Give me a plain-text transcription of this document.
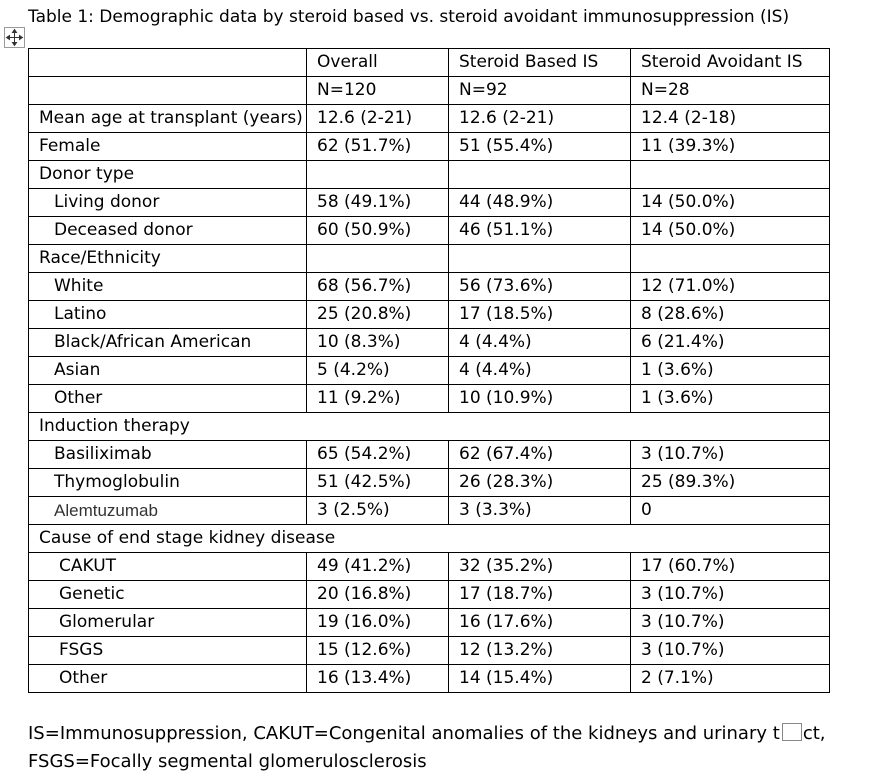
Table 1: Demographic data by steroid based vs. steroid avoidant immunosuppression (IS)
	Overall	Steroid Based IS	Steroid Avoidant IS
	N=120	N=92	N=28
Mean age at transplant (years)	12.6 (2-21)	12.6 (2-21)	12.4 (2-18)
Female	62 (51.7%)	51 (55.4%)	11 (39.3%)
Donor type			
Living donor	58 (49.1%)	44 (48.9%)	14 (50.0%)
Deceased donor	60 (50.9%)	46 (51.1%)	14 (50.0%)
Race/Ethnicity			
White	68 (56.7%)	56 (73.6%)	12 (71.0%)
Latino	25 (20.8%)	17 (18.5%)	8 (28.6%)
Black/African American	10 (8.3%)	4 (4.4%)	6 (21.4%)
Asian	5 (4.2%)	4 (4.4%)	1 (3.6%)
Other	11 (9.2%)	10 (10.9%)	1 (3.6%)
Induction therapy			
Basiliximab	65 (54.2%)	62 (67.4%)	3 (10.7%)
Thymoglobulin	51 (42.5%)	26 (28.3%)	25 (89.3%)
Alemtuzumab	3 (2.5%)	3 (3.3%)	0
Cause of end stage kidney disease			
CAKUT	49 (41.2%)	32 (35.2%)	17 (60.7%)
Genetic	20 (16.8%)	17 (18.7%)	3 (10.7%)
Glomerular	19 (16.0%)	16 (17.6%)	3 (10.7%)
FSGS	15 (12.6%)	12 (13.2%)	3 (10.7%)
Other	16 (13.4%)	14 (15.4%)	2 (7.1%)
IS=Immunosuppression, CAKUT=Congenital anomalies of the kidneys and urinary t ct,
FSGS=Focally segmental glomerulosclerosis
